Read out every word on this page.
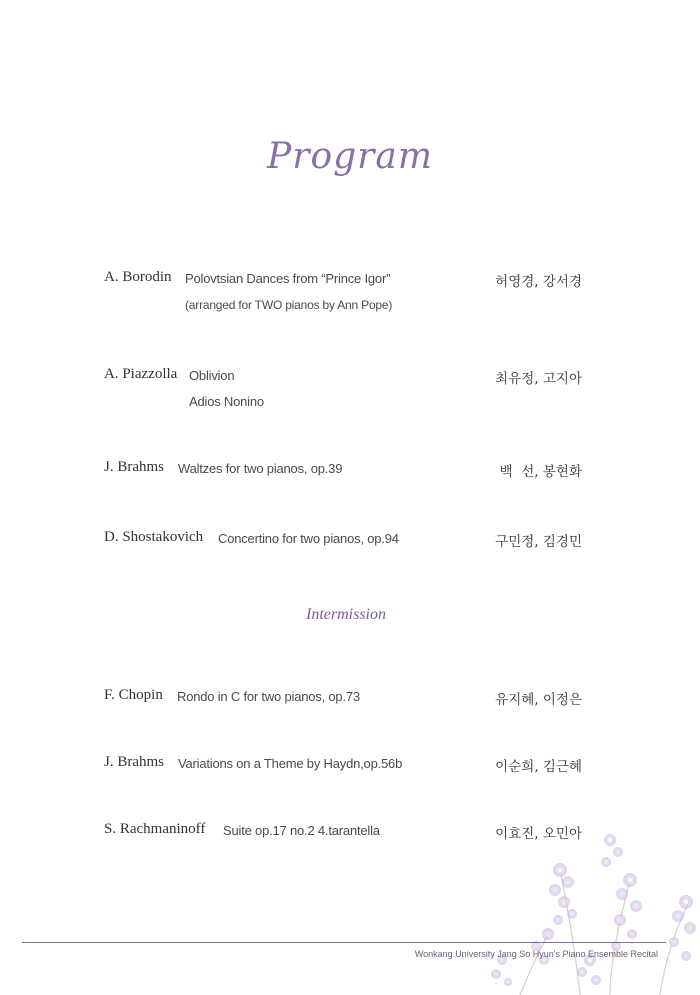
Program
A. Borodin Polovtsian Dances from “Prince Igor”
(arranged for TWO pianos by Ann Pope)
허영경, 강서경
A. Piazzolla Oblivion
Adios Nonino
최유정, 고지아
J. Brahms Waltzes for two pianos, op.39	백  선, 봉현화
D. Shostakovich Concertino for two pianos, op.94	구민정, 김경민
Intermission
F. Chopin Rondo in C for two pianos, op.73	유지혜, 이정은
J. Brahms Variations on a Theme by Haydn,op.56b	이순희, 김근혜
S. Rachmaninoff Suite op.17 no.2 4.tarantella	이효진, 오민아
Wonkang University Jang So Hyun's Piano Ensemble Recital
